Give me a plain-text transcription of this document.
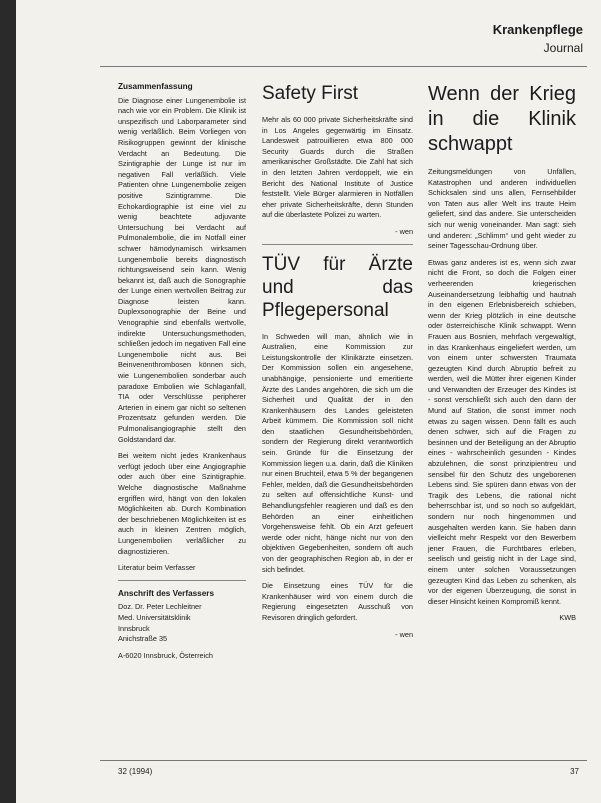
Krankenpflege
Journal
Zusammenfassung

Die Diagnose einer Lungenembolie ist nach wie vor ein Problem. Die Klinik ist unspezifisch und Laborparameter sind wenig verläßlich. Beim Vorliegen von Risikogruppen gewinnt der klinische Verdacht an Bedeutung. Die Szintigraphie der Lunge ist nur im negativen Fall verläßlich. Viele Patienten ohne Lungenembolie zeigen positive Szintigramme. Die Echokardiographie ist eine viel zu wenig beachtete adjuvante Untersuchung bei Verdacht auf Pulmonalembolie, die im Notfall einer schwer hämodynamisch wirksamen Lungenembolie bereits diagnostisch richtungsweisend sein kann. Wenig bekannt ist, daß auch die Sonographie der Lunge einen wertvollen Beitrag zur Diagnose leisten kann. Duplexsonographie der Beine und Venographie sind ebenfalls wertvolle, indirekte Untersuchungsmethoden, schließen jedoch im negativen Fall eine Lungenembolie nicht aus. Bei Beinvenenthrombosen können sich, wie Lungenembolien sonderbar auch paradoxe Embolien wie Schlaganfall, TIA oder Verschlüsse peripherer Arterien in einem gar nicht so seltenen Prozentsatz gefunden werden. Die Pulmonalisangiographie stellt den Goldstandard dar.

Bei weitem nicht jedes Krankenhaus verfügt jedoch über eine Angiographie oder auch über eine Szintigraphie. Welche diagnostische Maßnahme ergriffen wird, hängt von den lokalen Möglichkeiten ab. Durch Kombination der beschriebenen Möglichkeiten ist es auch in kleinen Zentren möglich, Lungenembolien verläßlicher zu diagnostizieren.

Literatur beim Verfasser

Anschrift des Verfassers

Doz. Dr. Peter Lechleitner

Med. Universitätsklinik

Innsbruck

Anichstraße 35

A-6020 Innsbruck, Österreich

Safety First

Mehr als 60 000 private Sicherheitskräfte sind in Los Angeles gegenwärtig im Einsatz. Landesweit patrouillieren etwa 800 000 Security Guards durch die Straßen amerikanischer Großstädte. Die Zahl hat sich in den letzten Jahren verdoppelt, wie ein Bericht des National Institute of Justice feststellt. Viele Bürger alarmieren in Notfällen eher private Sicherheitskräfte, denn Stunden auf die überlastete Polizei zu warten.

- wen

TÜV für Ärzte und das Pflegepersonal

In Schweden will man, ähnlich wie in Australien, eine Kommission zur Leistungskontrolle der Klinikärzte einsetzen. Der Kommission sollen ein angesehene, unabhängige, pensionierte und emeritierte Ärzte des Landes angehören, die sich um die Sicherheit und Qualität der in den Krankenhäusern des Landes geleisteten Arbeit kümmern. Die Kommission soll nicht den staatlichen Gesundheitsbehörden, sondern der Regierung direkt verantwortlich sein. Gründe für die Einsetzung der Kommission liegen u.a. darin, daß die Kliniken nur einen Bruchteil, etwa 5 % der begangenen Fehler, melden, daß die Gesundheitsbehörden zu selten auf offensichtliche Kunst- und Behandlungsfehler reagieren und daß es den Behörden an einer einheitlichen Vorgehensweise fehlt. Ob ein Arzt gefeuert werde oder nicht, hänge nicht nur von den objektiven Gegebenheiten, sondern oft auch von der geographischen Region ab, in der er sich befindet.

Die Einsetzung eines TÜV für die Krankenhäuser wird von einem durch die Regierung eingesetzten Ausschuß von Revisoren dringlich gefordert.

- wen

Wenn der Krieg in die Klinik schwappt

Zeitungsmeldungen von Unfällen, Katastrophen und anderen individuellen Schicksalen sind uns allen, Fernsehbilder von Taten aus aller Welt ins traute Heim geliefert, sind das andere. Sie unterscheiden sich nur wenig voneinander. Man sagt: sieh und anderen: „Schlimm“ und geht wieder zu seiner Tagesschau-Ordnung über.

Etwas ganz anderes ist es, wenn sich zwar nicht die Front, so doch die Folgen einer verheerenden kriegerischen Auseinandersetzung leibhaftig und hautnah in den eigenen Erlebnisbereich schieben, wenn der Krieg plötzlich in eine deutsche oder österreichische Klinik schwappt. Wenn Frauen aus Bosnien, mehrfach vergewaltigt, in das Krankenhaus eingeliefert werden, um von einem unter schwersten Traumata gezeugten Kind durch Abruptio befreit zu werden, weil die Mütter ihrer eigenen Kinder und Verwandten der Erzeuger des Kindes ist - sonst verschließt sich auch den dann der Mund auf Station, die sonst immer noch etwas zu sagen wissen. Denn fällt es auch denen schwer, sich auf die Fragen zu besinnen und der Beteiligung an der Abruptio eines - wahrscheinlich gesunden - Kindes abzulehnen, die sonst prinzipientreu und sensibel für den Schutz des ungeborenen Lebens sind. Sie spüren dann etwas von der Tragik des Lebens, die rational nicht beherrschbar ist, und so noch so aufgeklärt, sondern nur noch hingenommen und ausgehalten werden kann. Sie haben dann vielleicht mehr Respekt vor den Bewerbern jener Frauen, die Furchtbares erleben, seelisch und geistig nicht in der Lage sind, einem unter solchen Voraussetzungen gezeugten Kind das Leben zu schenken, als vor der eigenen Überzeugung, die sonst in dieser Hinsicht keinen Kompromiß kennt.

KWB

32 (1994)	37
